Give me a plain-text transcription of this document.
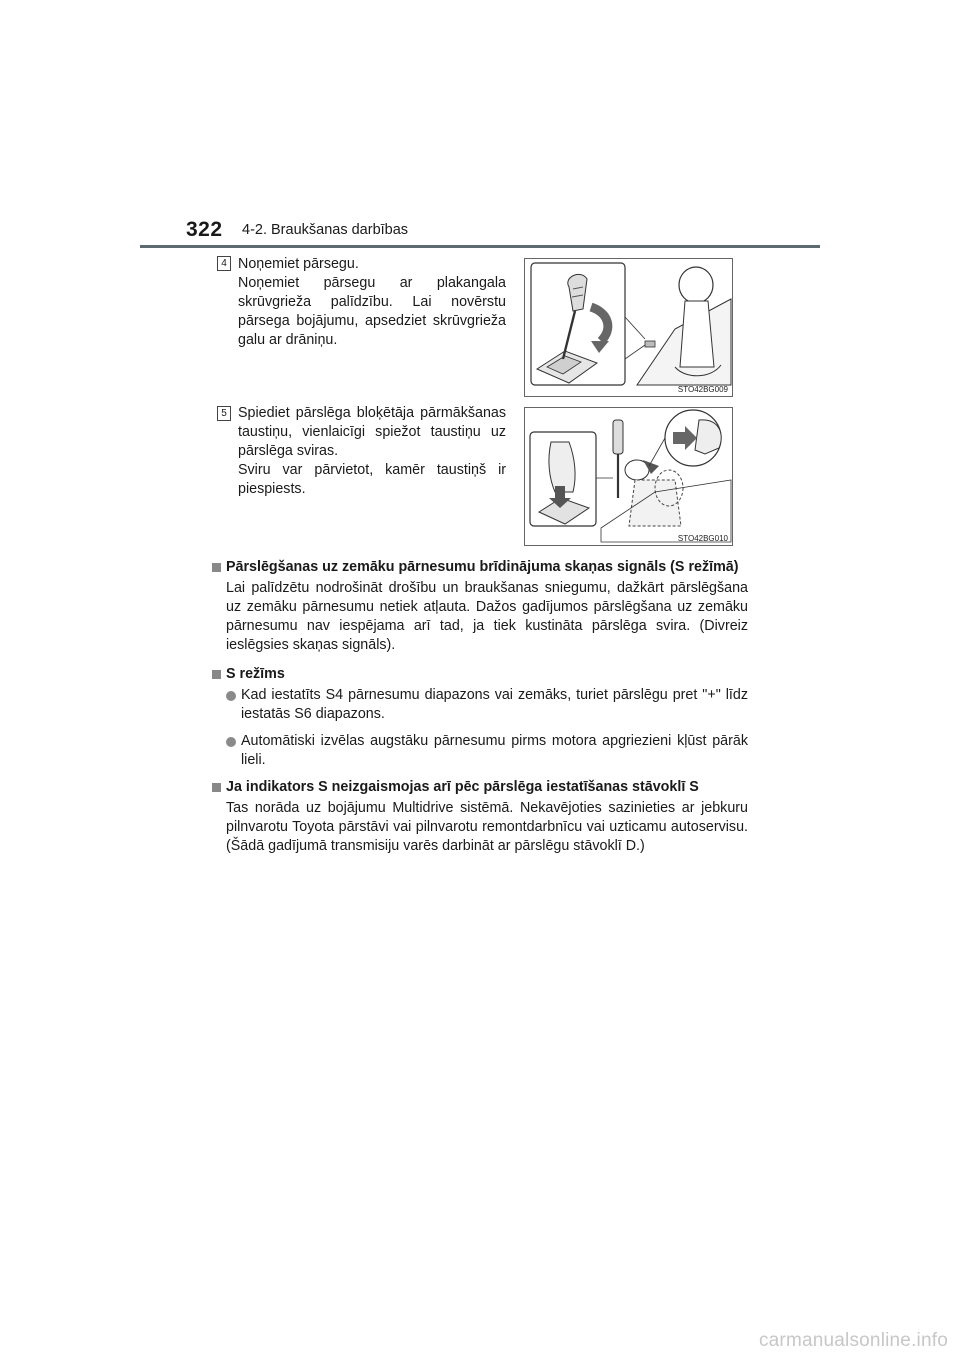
322 4-2. Braukšanas darbības
4 Noņemiet pārsegu.

Noņemiet pārsegu ar plakangala skrūvgrieža palīdzību. Lai novērstu pārsega bojājumu, apsedziet skrūvgrieža galu ar drāniņu.

STO42BG009
5 Spiediet pārslēga bloķētāja pārmākšanas taustiņu, vienlaicīgi spiežot taustiņu uz pārslēga sviras.

Sviru var pārvietot, kamēr taustiņš ir piespiests.

STO42BG010
Pārslēgšanas uz zemāku pārnesumu brīdinājuma skaņas signāls (S režīmā)

Lai palīdzētu nodrošināt drošību un braukšanas sniegumu, dažkārt pārslēgšana uz zemāku pārnesumu netiek atļauta. Dažos gadījumos pārslēgšana uz zemāku pārnesumu nav iespējama arī tad, ja tiek kustināta pārslēga svira. (Divreiz ieslēgsies skaņas signāls).

S režīms
Kad iestatīts S4 pārnesumu diapazons vai zemāks, turiet pārslēgu pret "+" līdz iestatās S6 diapazons.
Automātiski izvēlas augstāku pārnesumu pirms motora apgriezieni kļūst pārāk lieli.
Ja indikators S neizgaismojas arī pēc pārslēga iestatīšanas stāvoklī S

Tas norāda uz bojājumu Multidrive sistēmā. Nekavējoties sazinieties ar jebkuru pilnvarotu Toyota pārstāvi vai pilnvarotu remontdarbnīcu vai uzticamu autoservisu. (Šādā gadījumā transmisiju varēs darbināt ar pārslēgu stāvoklī D.)

carmanualsonline.info
